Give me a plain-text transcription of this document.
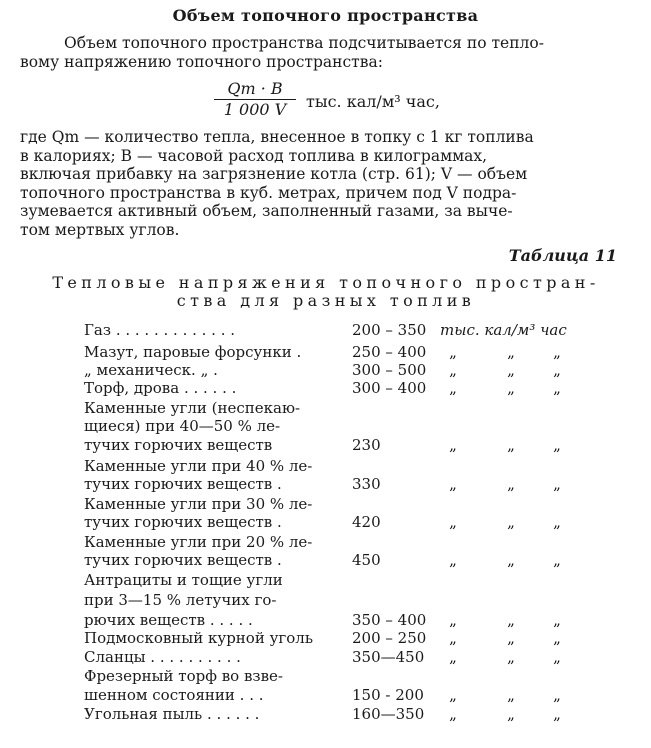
Объем топочного пространства
Объем топочного пространства подсчитывается по тепло-
вому напряжению топочного пространства:
Qm · B
1 000 V	тыс. кал/м³ час,
где Qm — количество тепла, внесенное в топку с 1 кг топлива
в калориях; B — часовой расход топлива в килограммах,
включая прибавку на загрязнение котла (стр. 61); V — объем
топочного пространства в куб. метрах, причем под V подра-
зумевается активный объем, заполненный газами, за выче-
том мертвых углов.
Таблица 11
Тепловые напряжения топочного простран-
ства для разных топлив
Газ . . . . . . . . . . . . .	200 – 350 тыс. кал/м³ час
Мазут, паровые форсунки .	250 – 400	„	„	„
„ механическ. „ .	300 – 500	„	„	„
Торф, дрова . . . . . .	300 – 400	„	„	„
Каменные угли (неспекаю-
щиеся) при 40—50 % ле-
тучих горючих веществ	230	„	„	„
Каменные угли при 40 % ле-
тучих горючих веществ .	330	„	„	„
Каменные угли при 30 % ле-
тучих горючих веществ .	420	„	„	„
Каменные угли при 20 % ле-
тучих горючих веществ .	450	„	„	„
Антрациты и тощие угли
при 3—15 % летучих го-
рючих веществ . . . . .	350 – 400	„	„	„
Подмосковный курной уголь	200 – 250	„	„	„
Сланцы . . . . . . . . . .	350—450	„	„	„
Фрезерный торф во взве-
шенном состоянии . . .	150 - 200	„	„	„
Угольная пыль . . . . . .	160—350	„	„	„
